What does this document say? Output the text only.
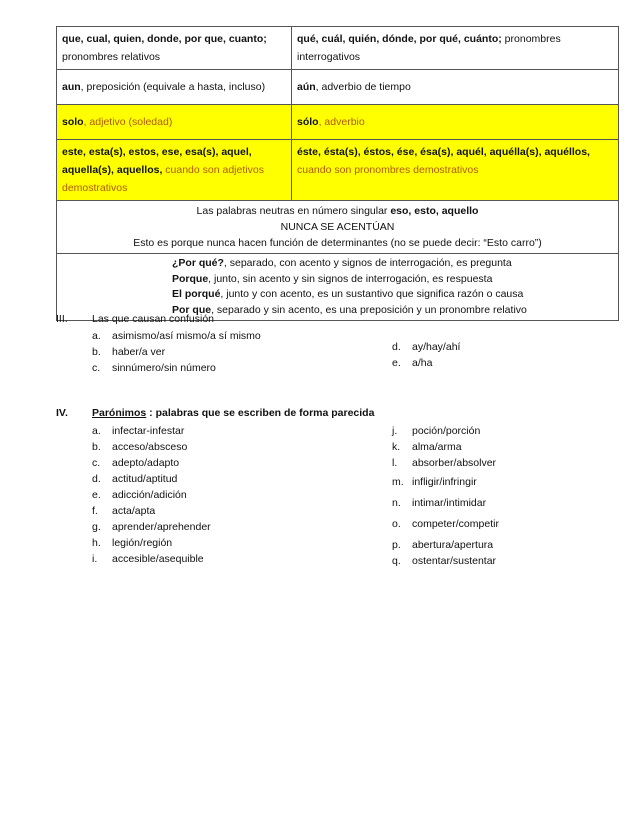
que, cual, quien, donde, por que, cuanto;
pronombres relativos	qué, cuál, quién, dónde, por qué, cuánto; pronombres interrogativos
aun, preposición (equivale a hasta, incluso)	aún, adverbio de tiempo
solo, adjetivo (soledad)	sólo, adverbio
este, esta(s), estos, ese, esa(s), aquel, aquella(s), aquellos, cuando son adjetivos demostrativos	éste, ésta(s), éstos, ése, ésa(s), aquél, aquélla(s), aquéllos, cuando son pronombres demostrativos
Las palabras neutras en número singular eso, esto, aquello
NUNCA SE ACENTÚAN
Esto es porque nunca hacen función de determinantes (no se puede decir: “Esto carro”)	
¿Por qué?, separado, con acento y signos de interrogación, es pregunta
Porque, junto, sin acento y sin signos de interrogación, es respuesta
El porqué, junto y con acento, es un sustantivo que significa razón o causa
Por que, separado y sin acento, es una preposición y un pronombre relativo	
III. Las que causan confusión
a. asimismo/así mismo/a sí mismo
b. haber/a ver
c. sinnúmero/sin número
d. ay/hay/ahí
e. a/ha
IV. Parónimos : palabras que se escriben de forma parecida
a. infectar-infestar
b. acceso/absceso
c. adepto/adapto
d. actitud/aptitud
e. adicción/adición
f. acta/apta
g. aprender/aprehender
h. legión/región
i. accesible/asequible
j. poción/porción
k. alma/arma
l. absorber/absolver
m. infligir/infringir
n. intimar/intimidar
o. competer/competir
p. abertura/apertura
q. ostentar/sustentar
